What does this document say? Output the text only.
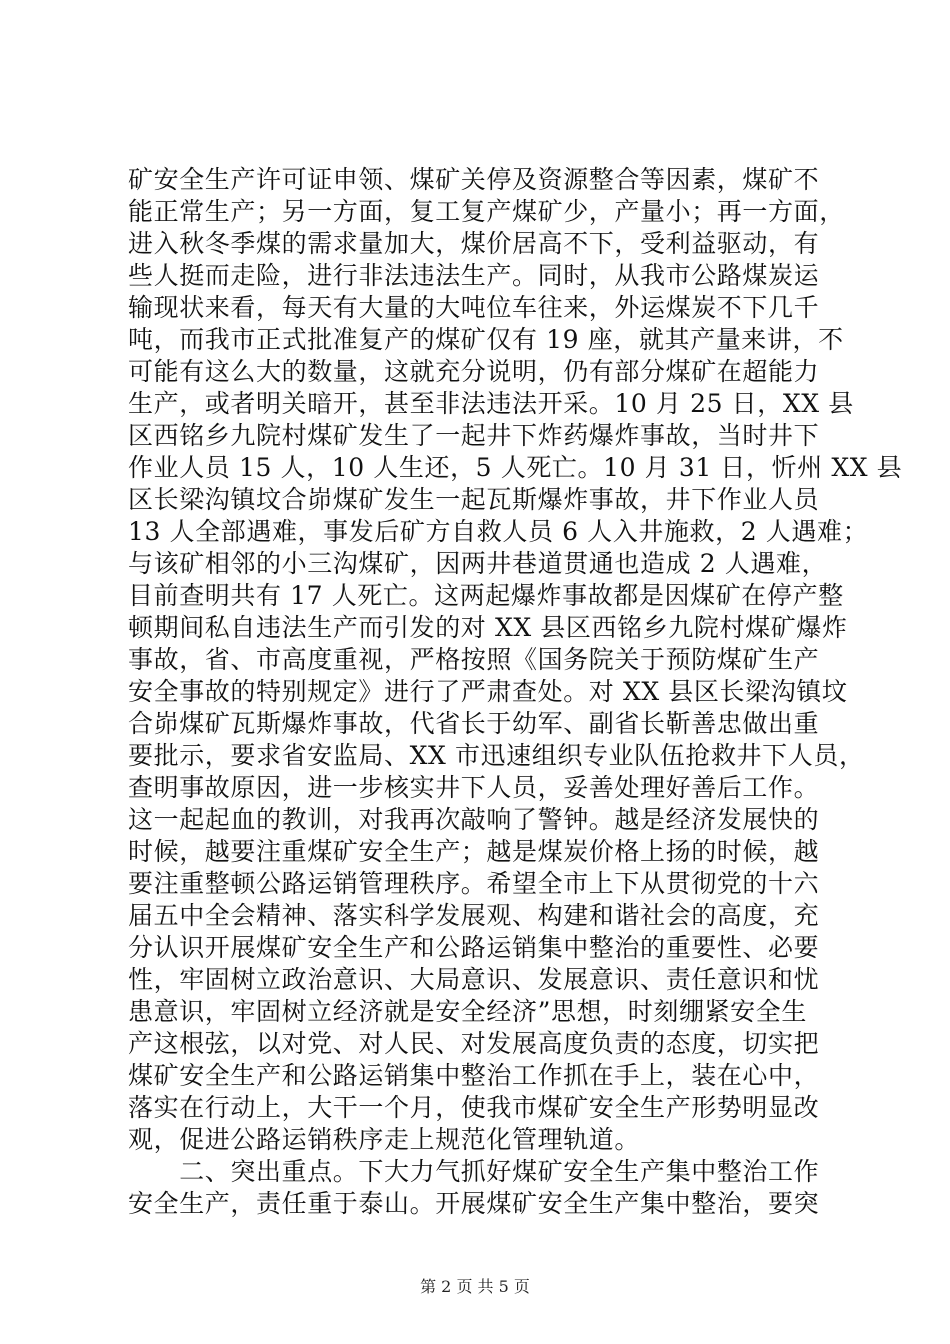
矿安全生产许可证申领、煤矿关停及资源整合等因素，煤矿不
能正常生产；另一方面，复工复产煤矿少，产量小；再一方面，
进入秋冬季煤的需求量加大，煤价居高不下，受利益驱动，有
些人挺而走险，进行非法违法生产。同时，从我市公路煤炭运
输现状来看，每天有大量的大吨位车往来，外运煤炭不下几千
吨，而我市正式批准复产的煤矿仅有 19 座，就其产量来讲，不
可能有这么大的数量，这就充分说明，仍有部分煤矿在超能力
生产，或者明关暗开，甚至非法违法开采。10 月 25 日，XX 县
区西铭乡九院村煤矿发生了一起井下炸药爆炸事故，当时井下
作业人员 15 人，10 人生还，5 人死亡。10 月 31 日，忻州 XX 县
区长梁沟镇坟合峁煤矿发生一起瓦斯爆炸事故，井下作业人员
13 人全部遇难，事发后矿方自救人员 6 人入井施救，2 人遇难；
与该矿相邻的小三沟煤矿，因两井巷道贯通也造成 2 人遇难，
目前查明共有 17 人死亡。这两起爆炸事故都是因煤矿在停产整
顿期间私自违法生产而引发的对 XX 县区西铭乡九院村煤矿爆炸
事故，省、市高度重视，严格按照《国务院关于预防煤矿生产
安全事故的特别规定》进行了严肃查处。对 XX 县区长梁沟镇坟
合峁煤矿瓦斯爆炸事故，代省长于幼军、副省长靳善忠做出重
要批示，要求省安监局、XX 市迅速组织专业队伍抢救井下人员，
查明事故原因，进一步核实井下人员，妥善处理好善后工作。
这一起起血的教训，对我再次敲响了警钟。越是经济发展快的
时候，越要注重煤矿安全生产；越是煤炭价格上扬的时候，越
要注重整顿公路运销管理秩序。希望全市上下从贯彻党的十六
届五中全会精神、落实科学发展观、构建和谐社会的高度，充
分认识开展煤矿安全生产和公路运销集中整治的重要性、必要
性，牢固树立政治意识、大局意识、发展意识、责任意识和忧
患意识，牢固树立经济就是安全经济”思想，时刻绷紧安全生
产这根弦，以对党、对人民、对发展高度负责的态度，切实把
煤矿安全生产和公路运销集中整治工作抓在手上，装在心中，
落实在行动上，大干一个月，使我市煤矿安全生产形势明显改
观，促进公路运销秩序走上规范化管理轨道。
　　二、突出重点。下大力气抓好煤矿安全生产集中整治工作
安全生产，责任重于泰山。开展煤矿安全生产集中整治，要突
第 2 页 共 5 页
